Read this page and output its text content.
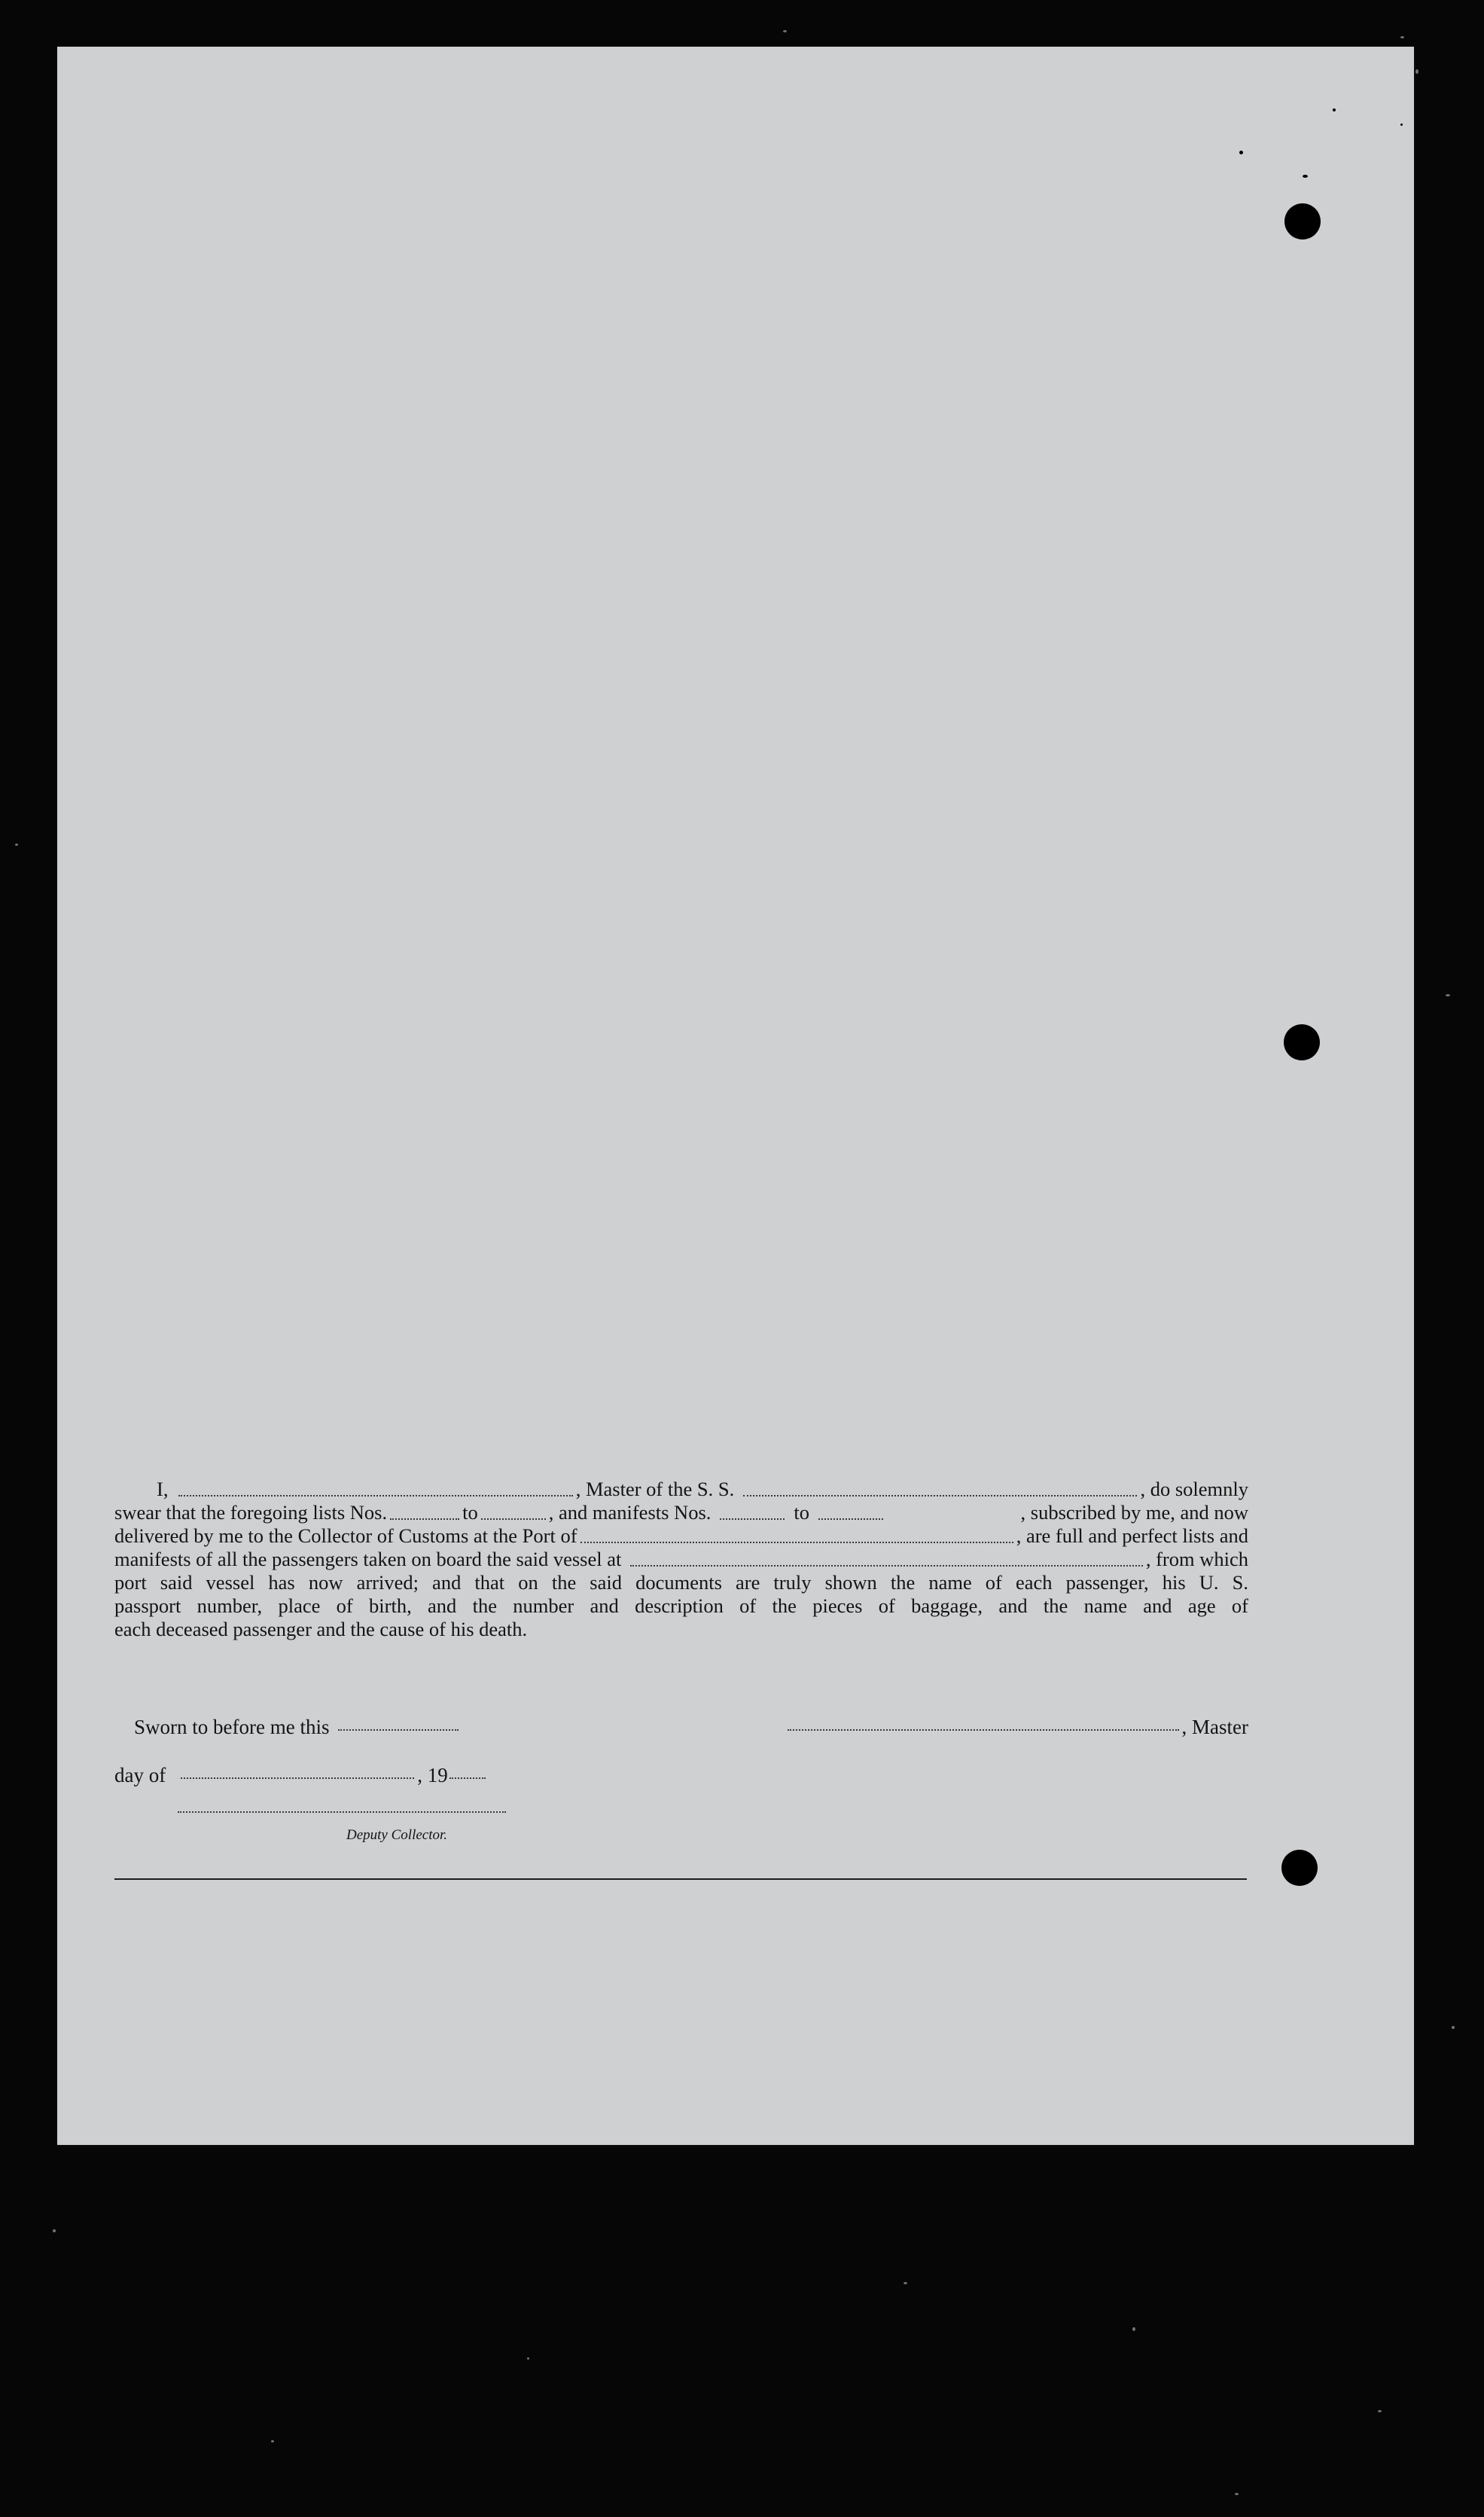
I,	, Master of the S. S.	, do solemnly
swear that the foregoing lists Nos.	to	, and manifests Nos.	to	, subscribed by me, and now
delivered by me to the Collector of Customs at the Port of	, are full and perfect lists and
manifests of all the passengers taken on board the said vessel at	, from which
port said vessel has now arrived; and that on the said documents are truly shown the name of each passenger, his U. S.
passport number, place of birth, and the number and description of the pieces of baggage, and the name and age of
each deceased passenger and the cause of his death.
Sworn to before me this	, Master
day of	, 19
Deputy Collector.
